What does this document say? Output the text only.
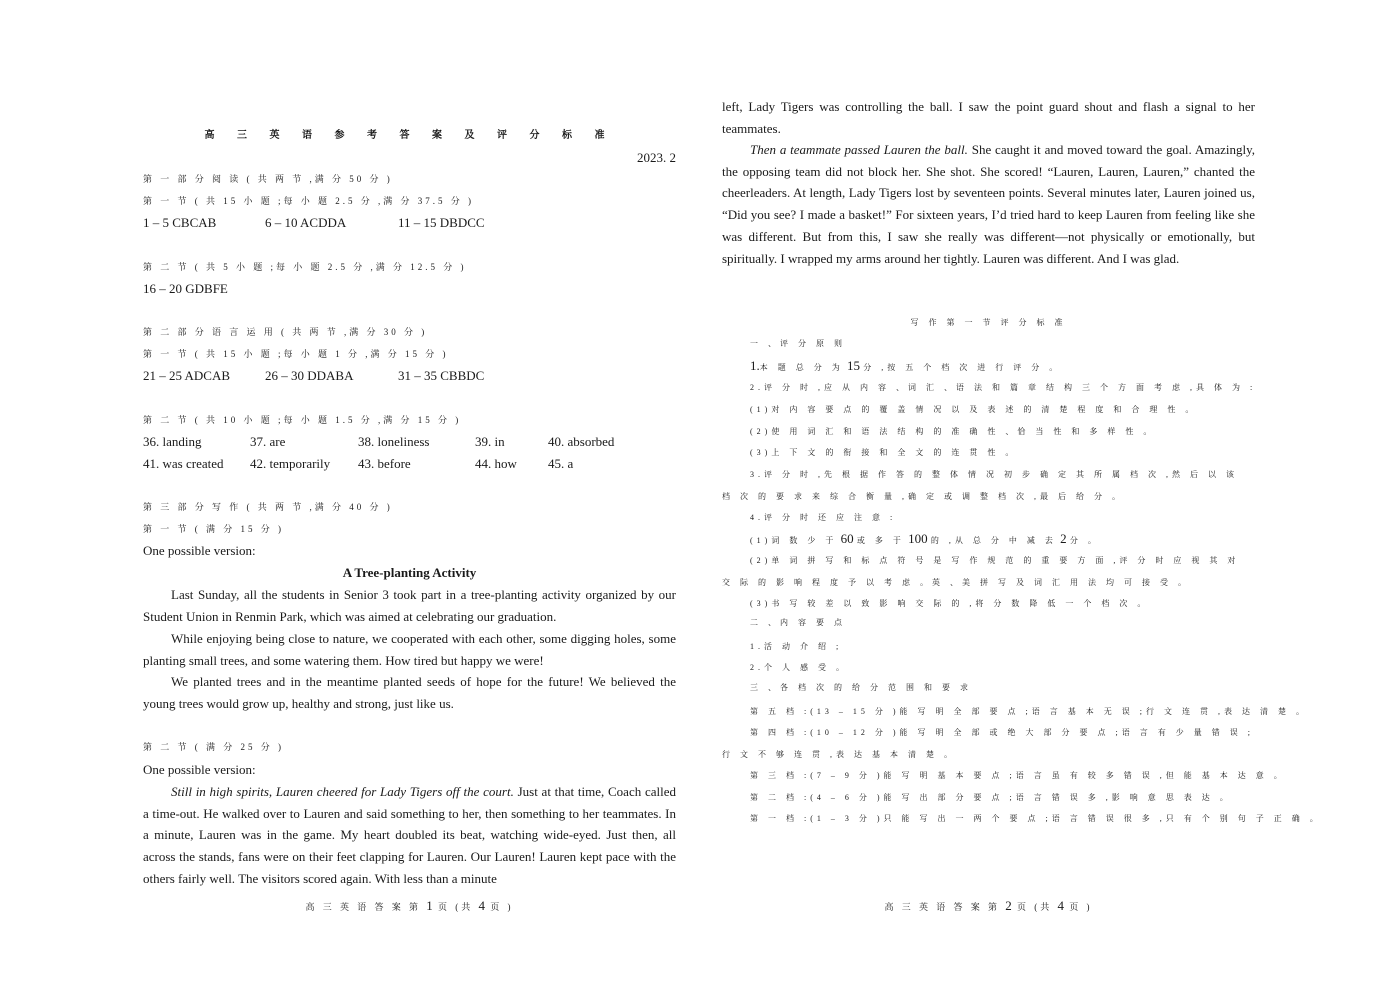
高 三 英 语 参 考 答 案 及 评 分 标 准
2023. 2
第 一 部 分 阅 读 ( 共 两 节 ,满 分 50 分 )
第 一 节 ( 共 15 小 题 ;每 小 题 2.5 分 ,满 分 37.5 分 )
1 – 5 CBCAB	6 – 10 ACDDA	11 – 15 DBDCC
第 二 节 ( 共 5 小 题 ;每 小 题 2.5 分 ,满 分 12.5 分 )
16 – 20 GDBFE
第 二 部 分 语 言 运 用 ( 共 两 节 ,满 分 30 分 )
第 一 节 ( 共 15 小 题 ;每 小 题 1 分 ,满 分 15 分 )
21 – 25 ADCAB	26 – 30 DDABA	31 – 35 CBBDC
第 二 节 ( 共 10 小 题 ;每 小 题 1.5 分 ,满 分 15 分 )
36. landing	37. are	38. loneliness	39. in	40. absorbed
41. was created 42. temporarily 43. before	44. how 45. a
第 三 部 分 写 作 ( 共 两 节 ,满 分 40 分 )
第 一 节 ( 满 分 15 分 )
One possible version:
A Tree-planting Activity
Last Sunday, all the students in Senior 3 took part in a tree-planting activity organized by our Student Union in Renmin Park, which was aimed at celebrating our graduation.
While enjoying being close to nature, we cooperated with each other, some digging holes, some planting small trees, and some watering them. How tired but happy we were!
We planted trees and in the meantime planted seeds of hope for the future! We believed the young trees would grow up, healthy and strong, just like us.
第 二 节 ( 满 分 25 分 )
One possible version:
Still in high spirits, Lauren cheered for Lady Tigers off the court. Just at that time, Coach called a time-out. He walked over to Lauren and said something to her, then something to her teammates. In a minute, Lauren was in the game. My heart doubled its beat, watching wide-eyed. Just then, all across the stands, fans were on their feet clapping for Lauren. Our Lauren! Lauren kept pace with the others fairly well. The visitors scored again. With less than a minute
高 三 英 语 答 案 第 1 页 (共 4 页 )
left, Lady Tigers was controlling the ball. I saw the point guard shout and flash a signal to her teammates.
Then a teammate passed Lauren the ball. She caught it and moved toward the goal. Amazingly, the opposing team did not block her. She shot. She scored! “Lauren, Lauren, Lauren,” chanted the cheerleaders. At length, Lady Tigers lost by seventeen points. Several minutes later, Lauren joined us, “Did you see? I made a basket!” For sixteen years, I’d tried hard to keep Lauren from feeling like she was different. But from this, I saw she really was different—not physically or emotionally, but spiritually. I wrapped my arms around her tightly. Lauren was different. And I was glad.
写 作 第 一 节 评 分 标 准
一 、评 分 原 则
1.本 题 总 分 为 15 分 ,按 五 个 档 次 进 行 评 分 。
2.评 分 时 ,应 从 内 容 、词 汇 、语 法 和 篇 章 结 构 三 个 方 面 考 虑 ,具 体 为 :
(1)对 内 容 要 点 的 覆 盖 情 况 以 及 表 述 的 清 楚 程 度 和 合 理 性 。
(2)使 用 词 汇 和 语 法 结 构 的 准 确 性 、恰 当 性 和 多 样 性 。
(3)上 下 文 的 衔 接 和 全 文 的 连 贯 性 。
3.评 分 时 ,先 根 据 作 答 的 整 体 情 况 初 步 确 定 其 所 属 档 次 ,然 后 以 该 档 次 的 要 求 来 综 合 衡 量 ,确 定 或 调 整 档 次 ,最 后 给 分 。
4.评 分 时 还 应 注 意 :
(1)词 数 少 于 60 或 多 于 100 的 ,从 总 分 中 减 去 2 分 。
(2)单 词 拼 写 和 标 点 符 号 是 写 作 规 范 的 重 要 方 面 ,评 分 时 应 视 其 对 交 际 的 影 响 程 度 予 以 考 虑 。英 、美 拼 写 及 词 汇 用 法 均 可 接 受 。
(3)书 写 较 差 以 致 影 响 交 际 的 ,将 分 数 降 低 一 个 档 次 。
二 、内 容 要 点
1.活 动 介 绍 ;
2.个 人 感 受 。
三 、各 档 次 的 给 分 范 围 和 要 求
第 五 档 :(13 – 15 分 )能 写 明 全 部 要 点 ;语 言 基 本 无 误 ;行 文 连 贯 ,表 达 清 楚 。
第 四 档 :(10 – 12 分 )能 写 明 全 部 或 绝 大 部 分 要 点 ;语 言 有 少 量 错 误 ;行 文 不 够 连 贯 ,表 达 基 本 清 楚 。
第 三 档 :(7 – 9 分 )能 写 明 基 本 要 点 ;语 言 虽 有 较 多 错 误 ,但 能 基 本 达 意 。
第 二 档 :(4 – 6 分 )能 写 出 部 分 要 点 ;语 言 错 误 多 ,影 响 意 思 表 达 。
第 一 档 :(1 – 3 分 )只 能 写 出 一 两 个 要 点 ;语 言 错 误 很 多 ,只 有 个 别 句 子 正 确 。
高 三 英 语 答 案 第 2 页 (共 4 页 )
